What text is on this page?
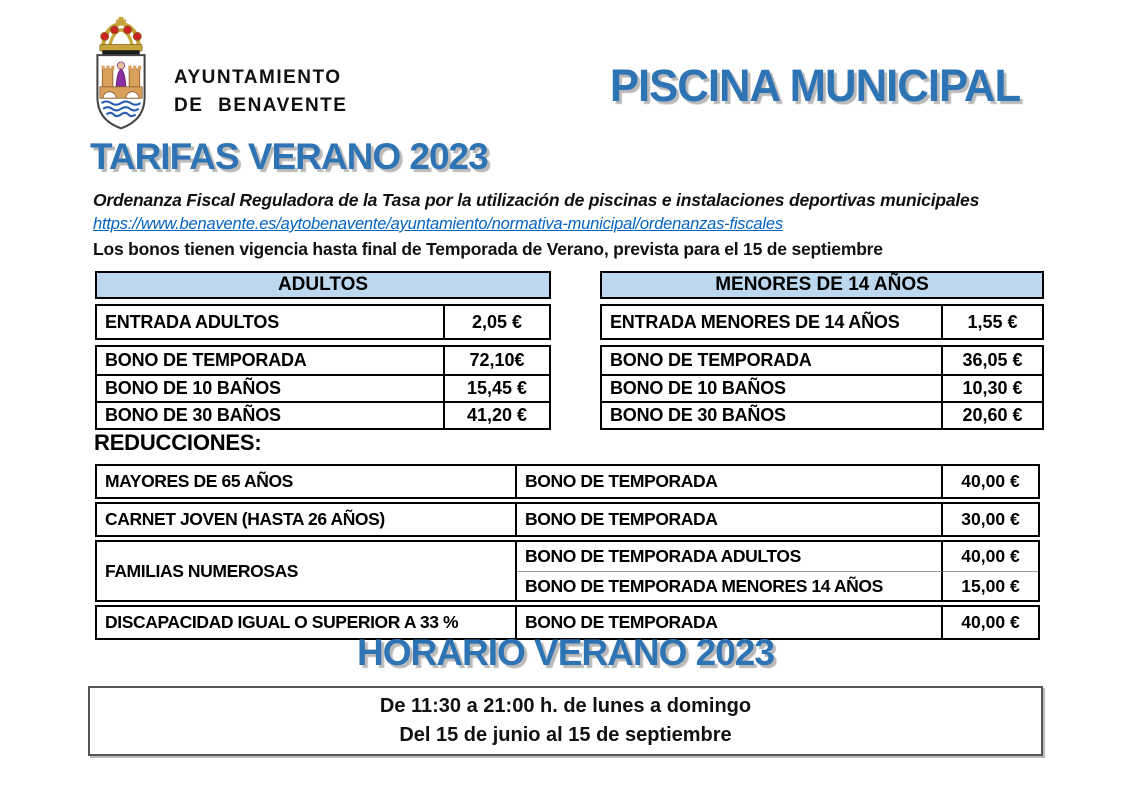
AYUNTAMIENTO
DE BENAVENTE	PISCINA MUNICIPAL
TARIFAS VERANO 2023
Ordenanza Fiscal Reguladora de la Tasa por la utilización de piscinas e instalaciones deportivas municipales
https://www.benavente.es/aytobenavente/ayuntamiento/normativa-municipal/ordenanzas-fiscales
Los bonos tienen vigencia hasta final de Temporada de Verano, prevista para el 15 de septiembre
ADULTOS
ENTRADA ADULTOS	2,05 €
BONO DE TEMPORADA	72,10€
BONO DE 10 BAÑOS	15,45 €
BONO DE 30 BAÑOS	41,20 €
MENORES DE 14 AÑOS
ENTRADA MENORES DE 14 AÑOS	1,55 €
BONO DE TEMPORADA	36,05 €
BONO DE 10 BAÑOS	10,30 €
BONO DE 30 BAÑOS	20,60 €
REDUCCIONES:
MAYORES DE 65 AÑOS	BONO DE TEMPORADA	40,00 €
CARNET JOVEN (HASTA 26 AÑOS)	BONO DE TEMPORADA	30,00 €
FAMILIAS NUMEROSAS
BONO DE TEMPORADA ADULTOS	40,00 €
BONO DE TEMPORADA MENORES 14 AÑOS	15,00 €
DISCAPACIDAD IGUAL O SUPERIOR A 33 %	BONO DE TEMPORADA	40,00 €
HORARIO VERANO 2023
De 11:30 a 21:00 h. de lunes a domingo
Del 15 de junio al 15 de septiembre
